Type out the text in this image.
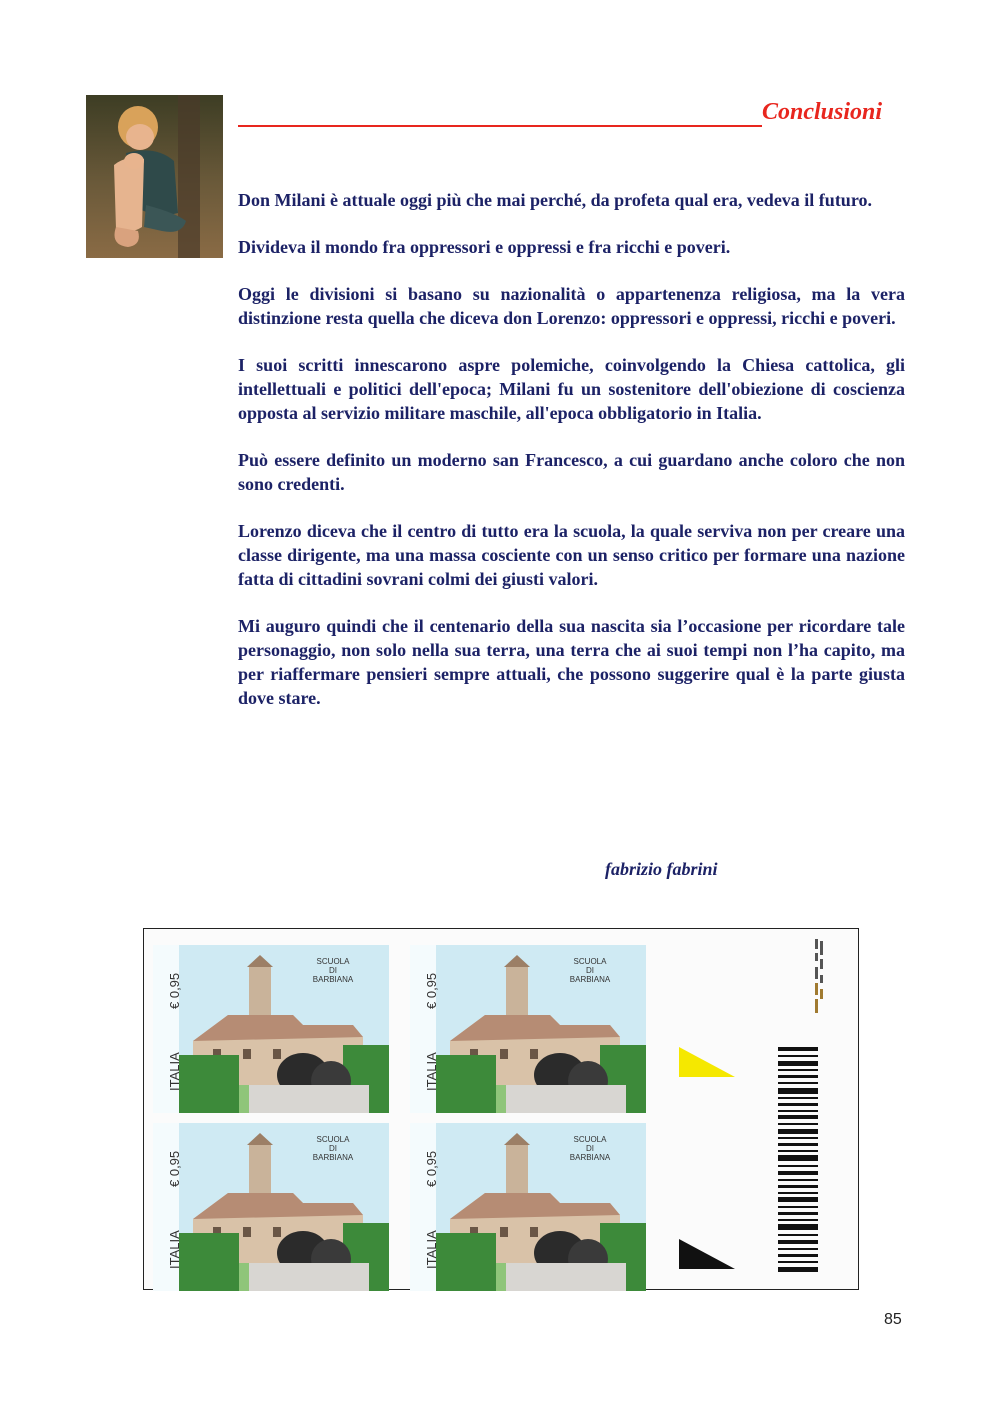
Conclusioni

Don Milani è attuale oggi più che mai perché, da profeta qual era, vedeva il futuro.

Divideva il mondo fra oppressori e oppressi e fra ricchi e poveri.

Oggi le divisioni si basano su nazionalità o appartenenza religiosa, ma la vera distinzione resta quella che diceva don Lorenzo: oppressori e oppressi, ricchi e poveri.

I suoi scritti innescarono aspre polemiche, coinvolgendo la Chiesa cattolica, gli intellettuali e politici dell'epoca; Milani fu un sostenitore dell'obiezione di coscienza opposta al servizio militare maschile, all'epoca obbligatorio in Italia.

Può essere definito un moderno san Francesco, a cui guardano anche coloro che non sono credenti.

Lorenzo diceva che il centro di tutto era la scuola, la quale serviva non per creare una classe dirigente, ma una massa cosciente con un senso critico per formare una nazione fatta di cittadini sovrani colmi dei giusti valori.

Mi auguro quindi che il centenario della sua nascita sia l’occasione per ricordare tale personaggio, non solo nella sua terra, una terra che ai suoi tempi non l’ha capito, ma per riaffermare pensieri sempre attuali, che possono suggerire qual è la parte giusta dove stare.

fabrizio fabrini
ITALIA
€ 0,95
SCUOLA
DI
BARBIANA
ITALIA
€ 0,95
SCUOLA
DI
BARBIANA
ITALIA
€ 0,95
SCUOLA
DI
BARBIANA
ITALIA
€ 0,95
SCUOLA
DI
BARBIANA
85
